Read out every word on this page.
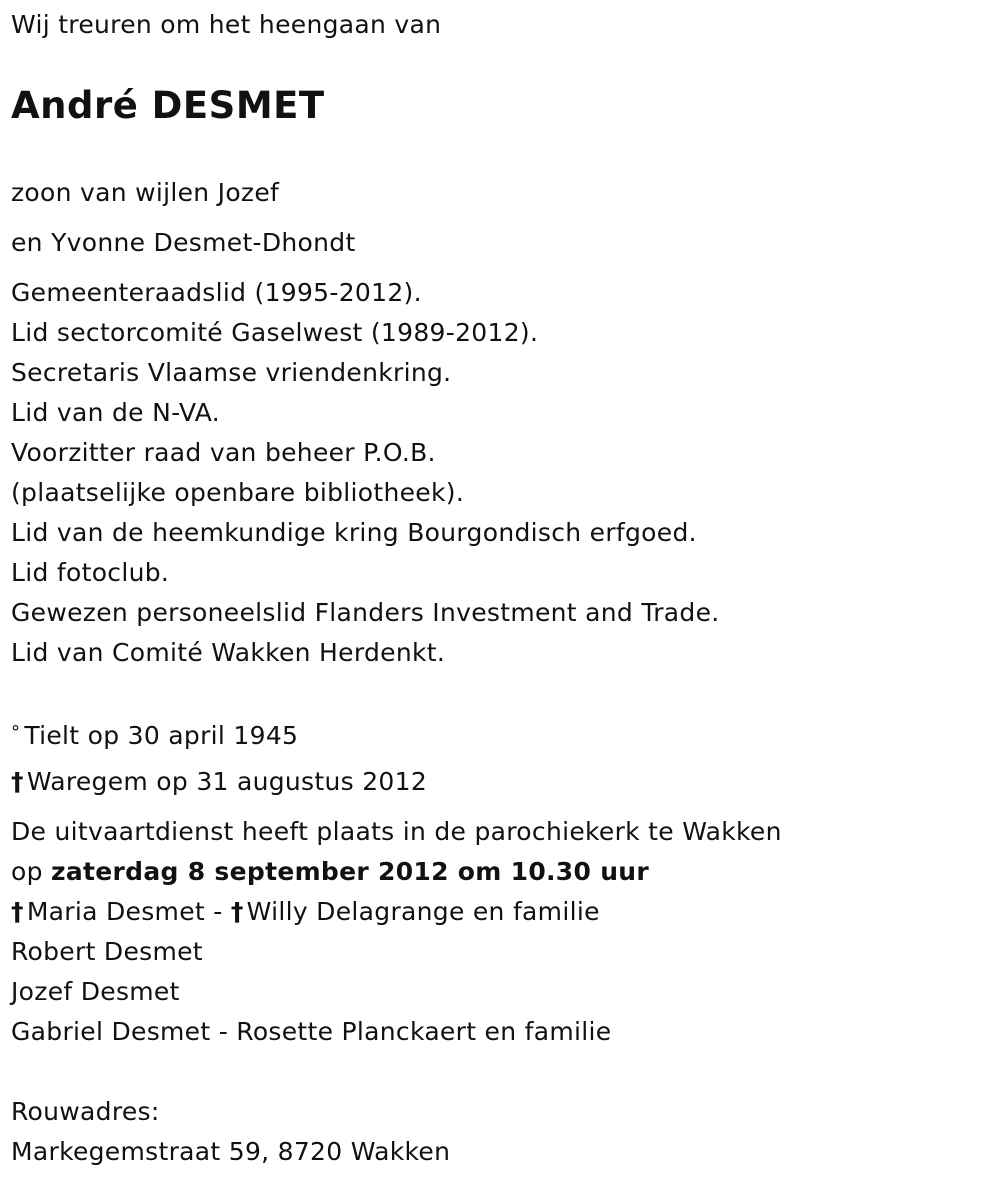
Wij treuren om het heengaan van
André DESMET
zoon van wijlen Jozef
en Yvonne Desmet-Dhondt
Gemeenteraadslid (1995-2012).
Lid sectorcomité Gaselwest (1989-2012).
Secretaris Vlaamse vriendenkring.
Lid van de N-VA.
Voorzitter raad van beheer P.O.B.
(plaatselijke openbare bibliotheek).
Lid van de heemkundige kring Bourgondisch erfgoed.
Lid fotoclub.
Gewezen personeelslid Flanders Investment and Trade.
Lid van Comité Wakken Herdenkt.
° Tielt op 30 april 1945
† Waregem op 31 augustus 2012
De uitvaartdienst heeft plaats in de parochiekerk te Wakken
op zaterdag 8 september 2012 om 10.30 uur
† Maria Desmet - † Willy Delagrange en familie
Robert Desmet
Jozef Desmet
Gabriel Desmet - Rosette Planckaert en familie
Rouwadres:
Markegemstraat 59, 8720 Wakken
